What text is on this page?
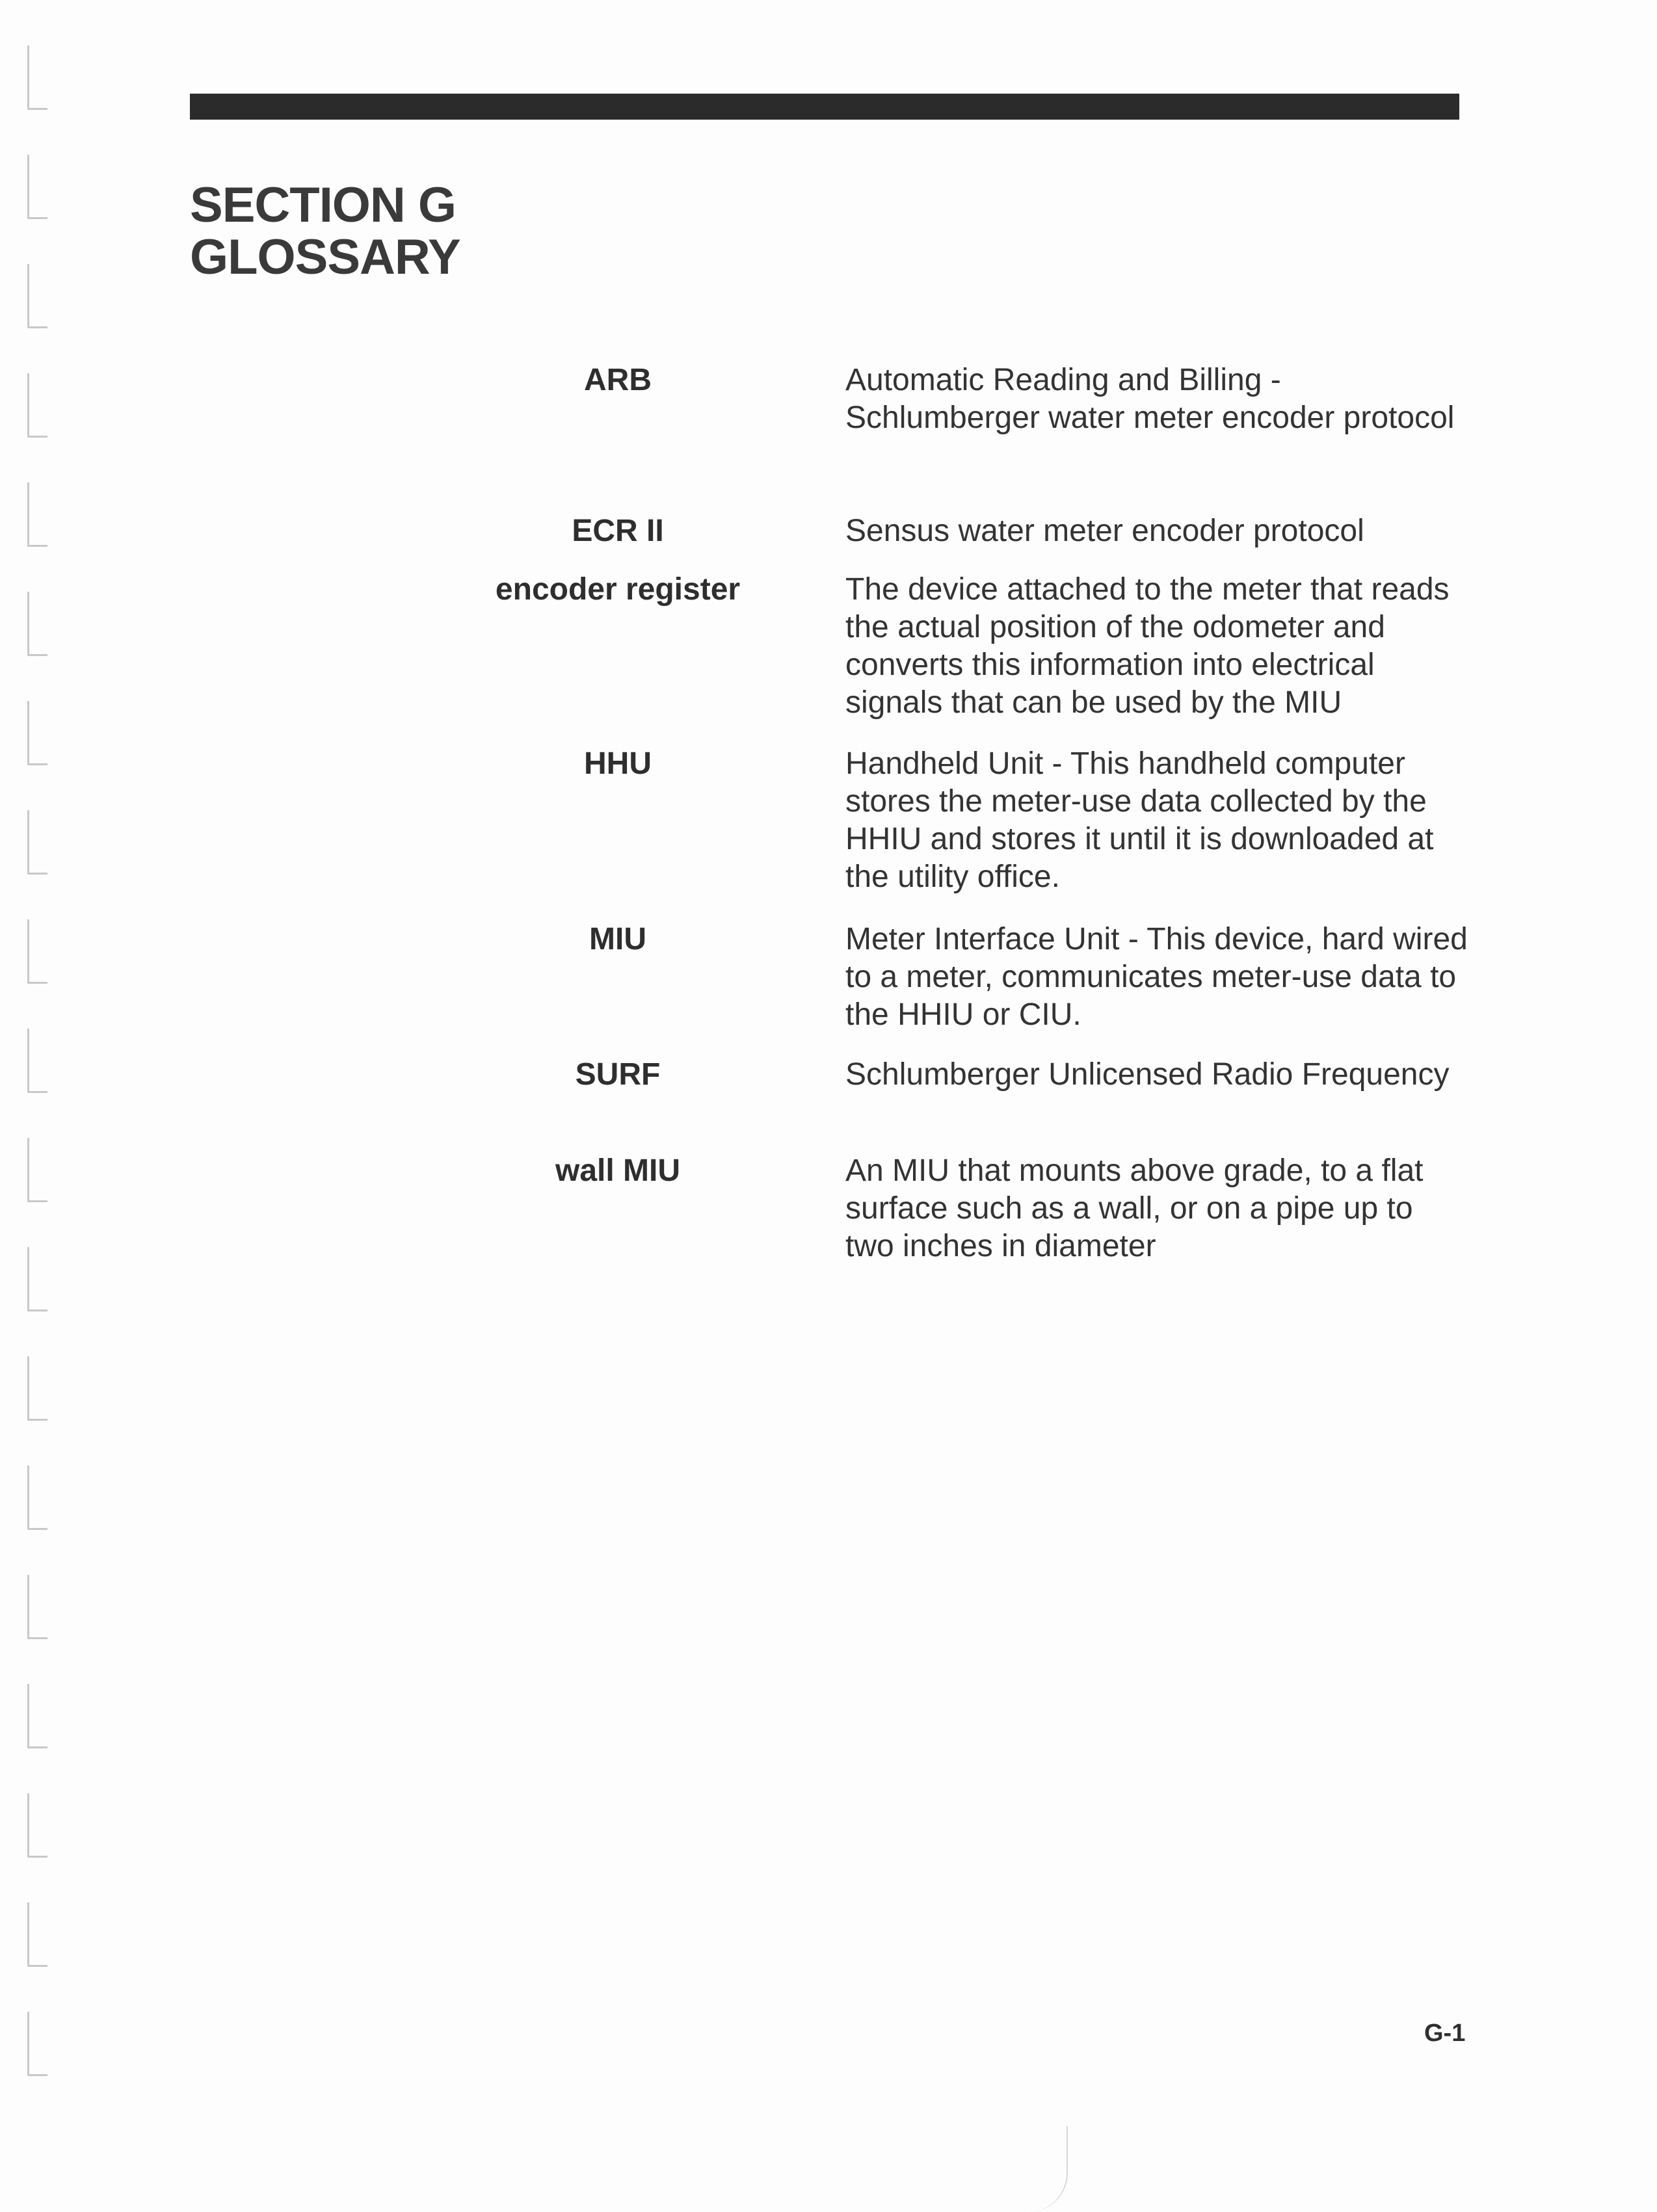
SECTION G
GLOSSARY
ARB	Automatic Reading and Billing - Schlumberger water meter encoder protocol
ECR II	Sensus water meter encoder protocol
encoder register	The device attached to the meter that reads the actual position of the odometer and converts this information into electrical signals that can be used by the MIU
HHU	Handheld Unit - This handheld computer stores the meter-use data collected by the HHIU and stores it until it is downloaded at the utility office.
MIU	Meter Interface Unit - This device, hard wired to a meter, communicates meter-use data to the HHIU or CIU.
SURF	Schlumberger Unlicensed Radio Frequency
wall MIU	An MIU that mounts above grade, to a flat surface such as a wall, or on a pipe up to two inches in diameter
G-1
